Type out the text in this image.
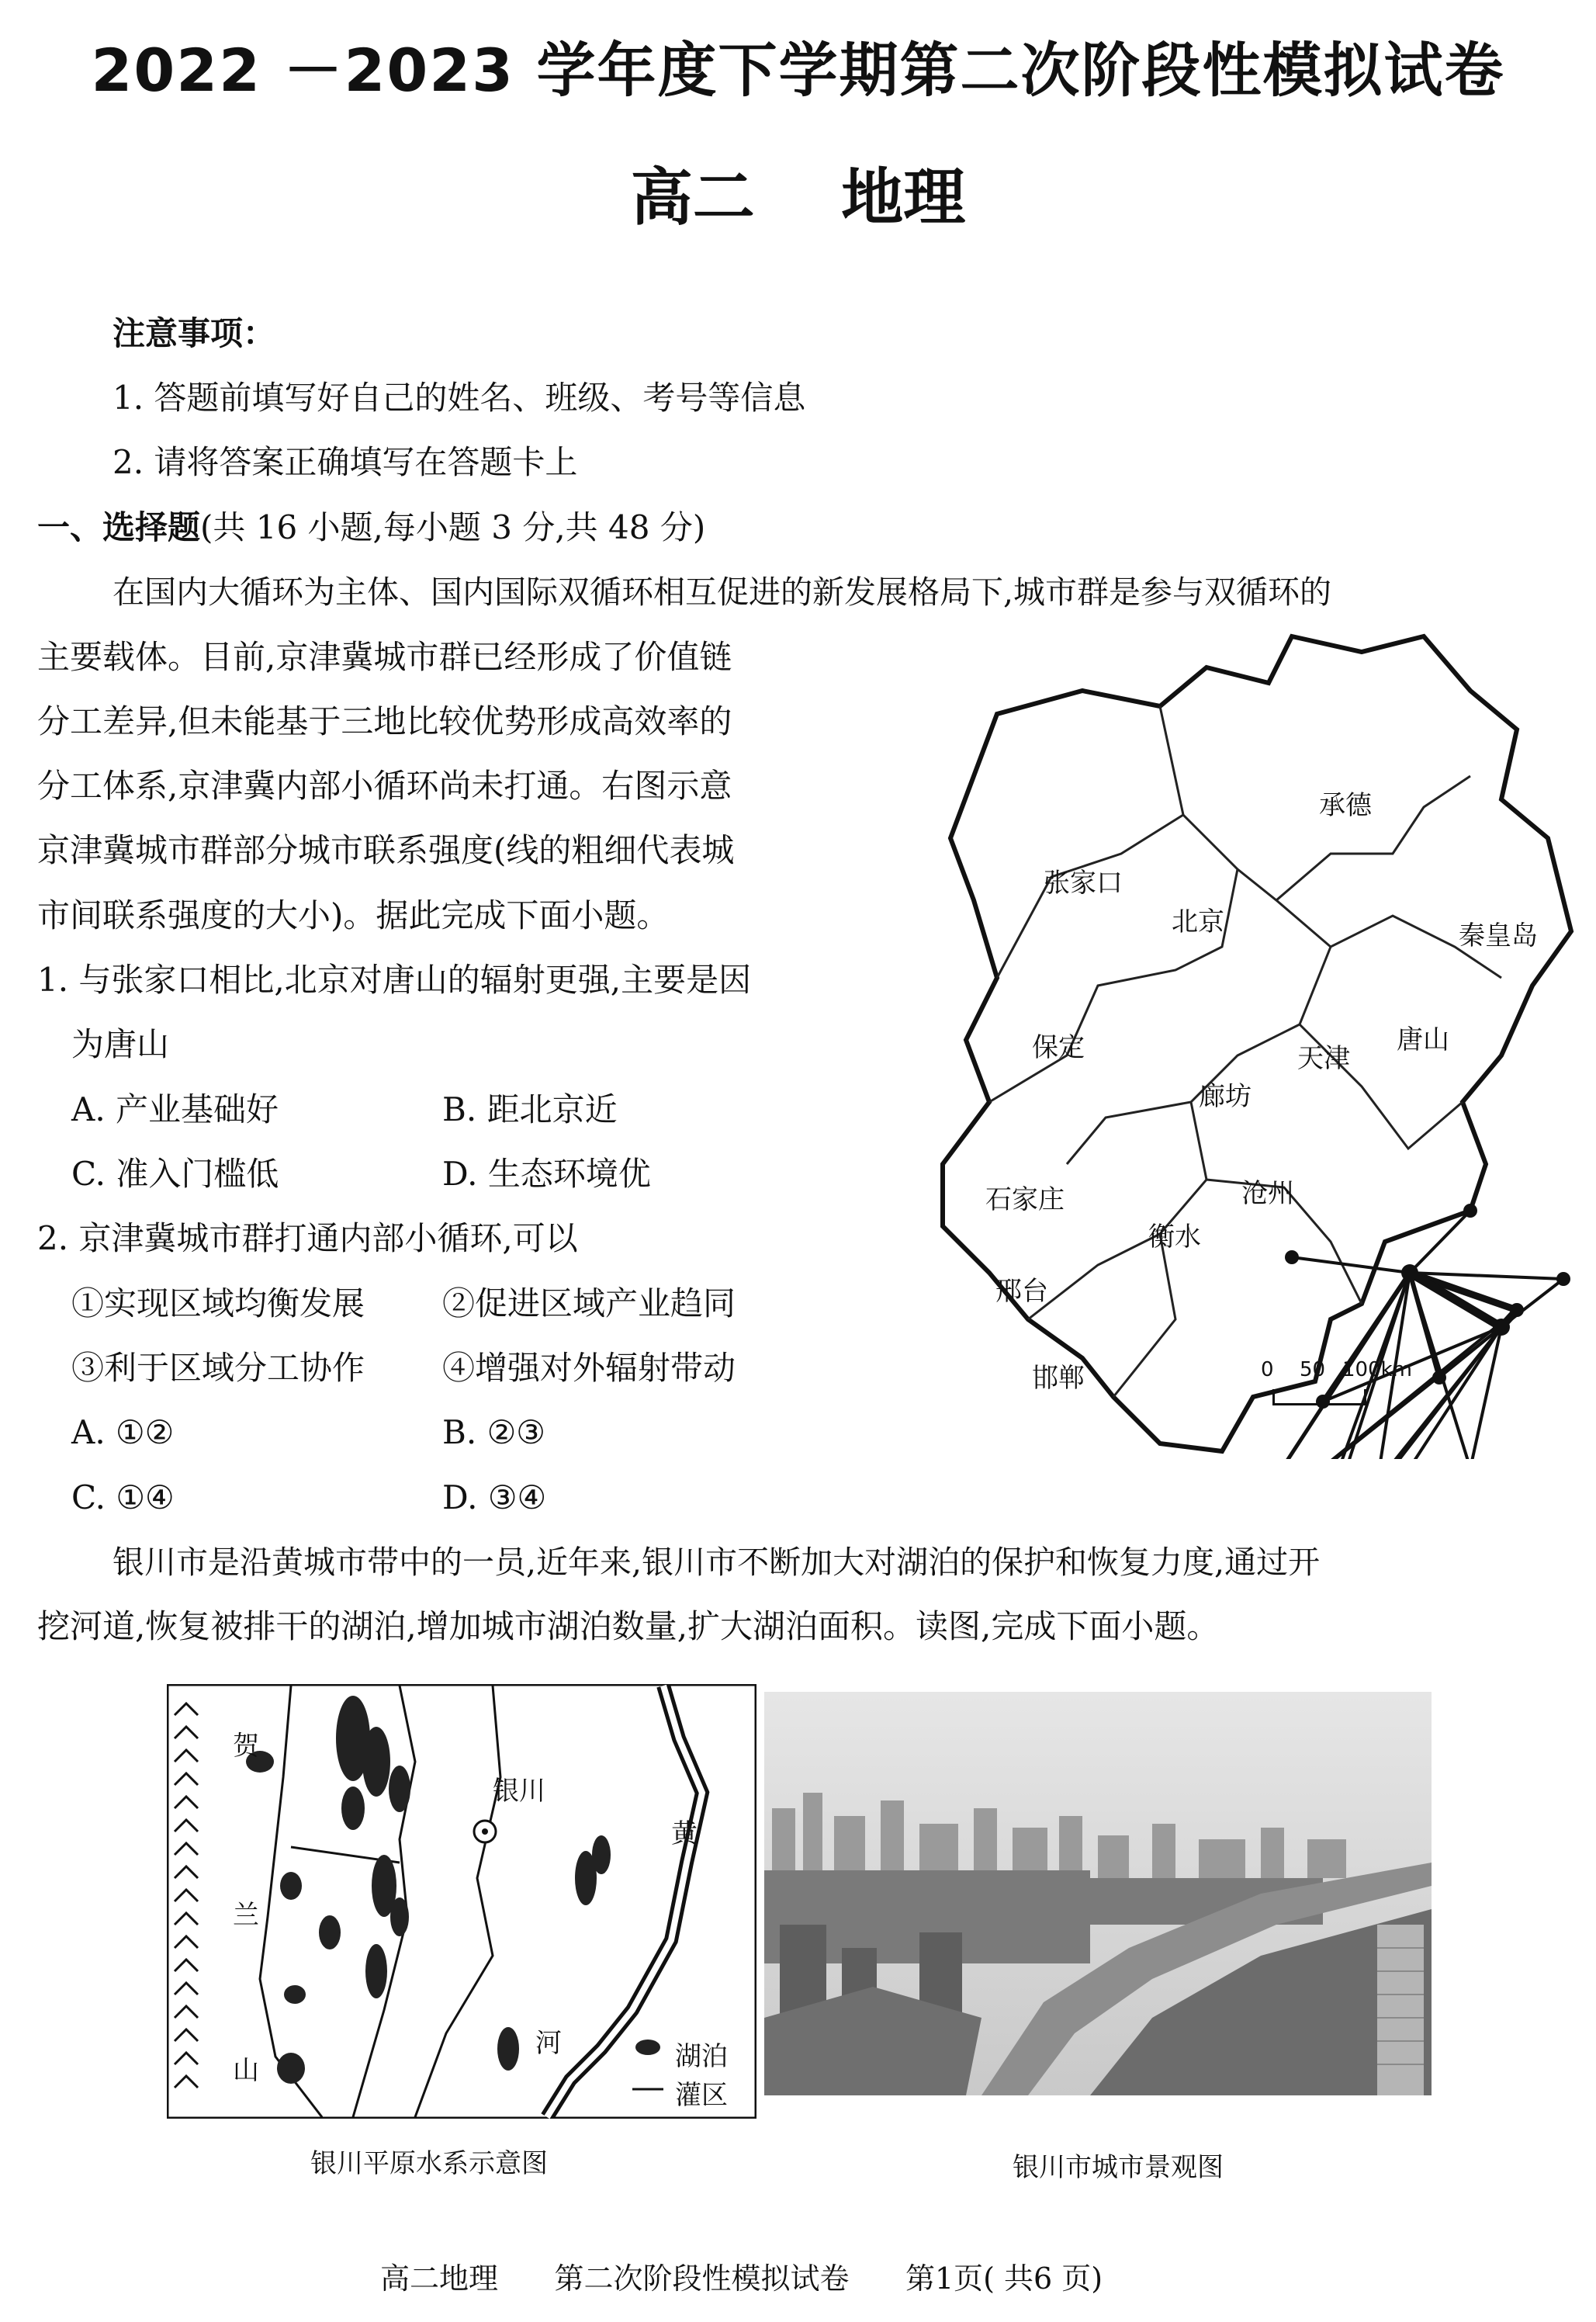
2022 －2023 学年度下学期第二次阶段性模拟试卷
高二    地理
注意事项：
1. 答题前填写好自己的姓名、班级、考号等信息
2. 请将答案正确填写在答题卡上
一、选择题(共 16 小题,每小题 3 分,共 48 分)
在国内大循环为主体、国内国际双循环相互促进的新发展格局下,城市群是参与双循环的
主要载体。目前,京津冀城市群已经形成了价值链
分工差异,但未能基于三地比较优势形成高效率的
分工体系,京津冀内部小循环尚未打通。右图示意
京津冀城市群部分城市联系强度(线的粗细代表城
市间联系强度的大小)。据此完成下面小题。
1. 与张家口相比,北京对唐山的辐射更强,主要是因
为唐山
A. 产业基础好	B. 距北京近
C. 准入门槛低	D. 生态环境优
2. 京津冀城市群打通内部小循环,可以
①实现区域均衡发展 ②促进区域产业趋同
③利于区域分工协作 ④增强对外辐射带动
A. ①②	B. ②③
C. ①④	D. ③④
承德
张家口
北京	秦皇岛
保定	天津
唐山
廊坊
石家庄	沧州
衡水
邢台
邯郸	0 50 100km
银川市是沿黄城市带中的一员,近年来,银川市不断加大对湖泊的保护和恢复力度,通过开
挖河道,恢复被排干的湖泊,增加城市湖泊数量,扩大湖泊面积。读图,完成下面小题。
贺
兰
山
银川
黄
河	湖泊
灌区
银川平原水系示意图	银川市城市景观图
高二地理      第二次阶段性模拟试卷      第1页( 共6 页)
